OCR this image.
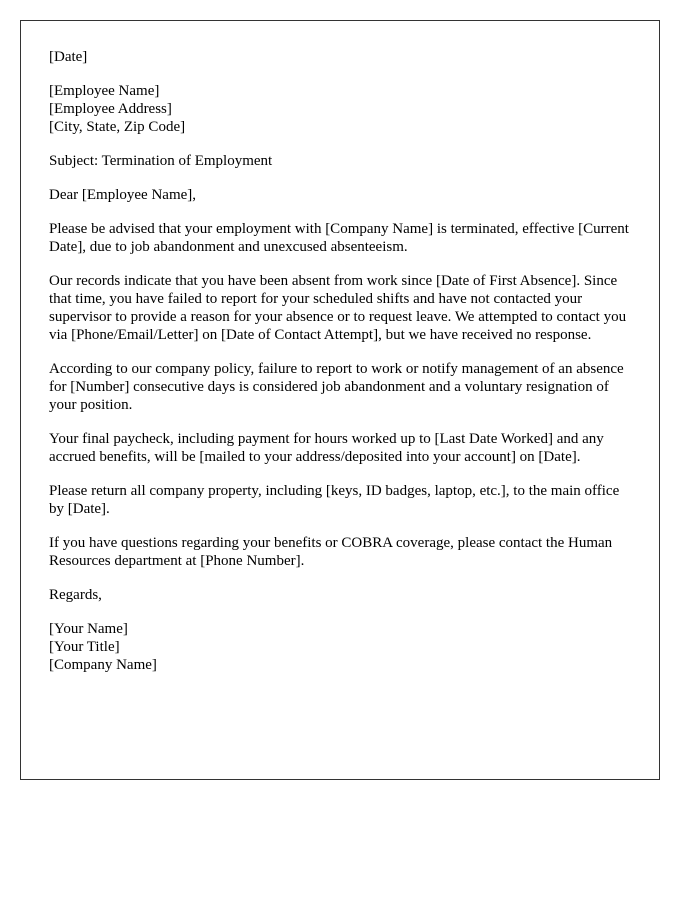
[Date]
[Employee Name]
[Employee Address]
[City, State, Zip Code]
Subject: Termination of Employment
Dear [Employee Name],

Please be advised that your employment with [Company Name] is terminated, effective [Current Date], due to job abandonment and unexcused absenteeism.

Our records indicate that you have been absent from work since [Date of First Absence]. Since that time, you have failed to report for your scheduled shifts and have not contacted your supervisor to provide a reason for your absence or to request leave. We attempted to contact you via [Phone/Email/Letter] on [Date of Contact Attempt], but we have received no response.

According to our company policy, failure to report to work or notify management of an absence for [Number] consecutive days is considered job abandonment and a voluntary resignation of your position.

Your final paycheck, including payment for hours worked up to [Last Date Worked] and any accrued benefits, will be [mailed to your address/deposited into your account] on [Date].

Please return all company property, including [keys, ID badges, laptop, etc.], to the main office by [Date].

If you have questions regarding your benefits or COBRA coverage, please contact the Human Resources department at [Phone Number].

Regards,
[Your Name]
[Your Title]
[Company Name]
